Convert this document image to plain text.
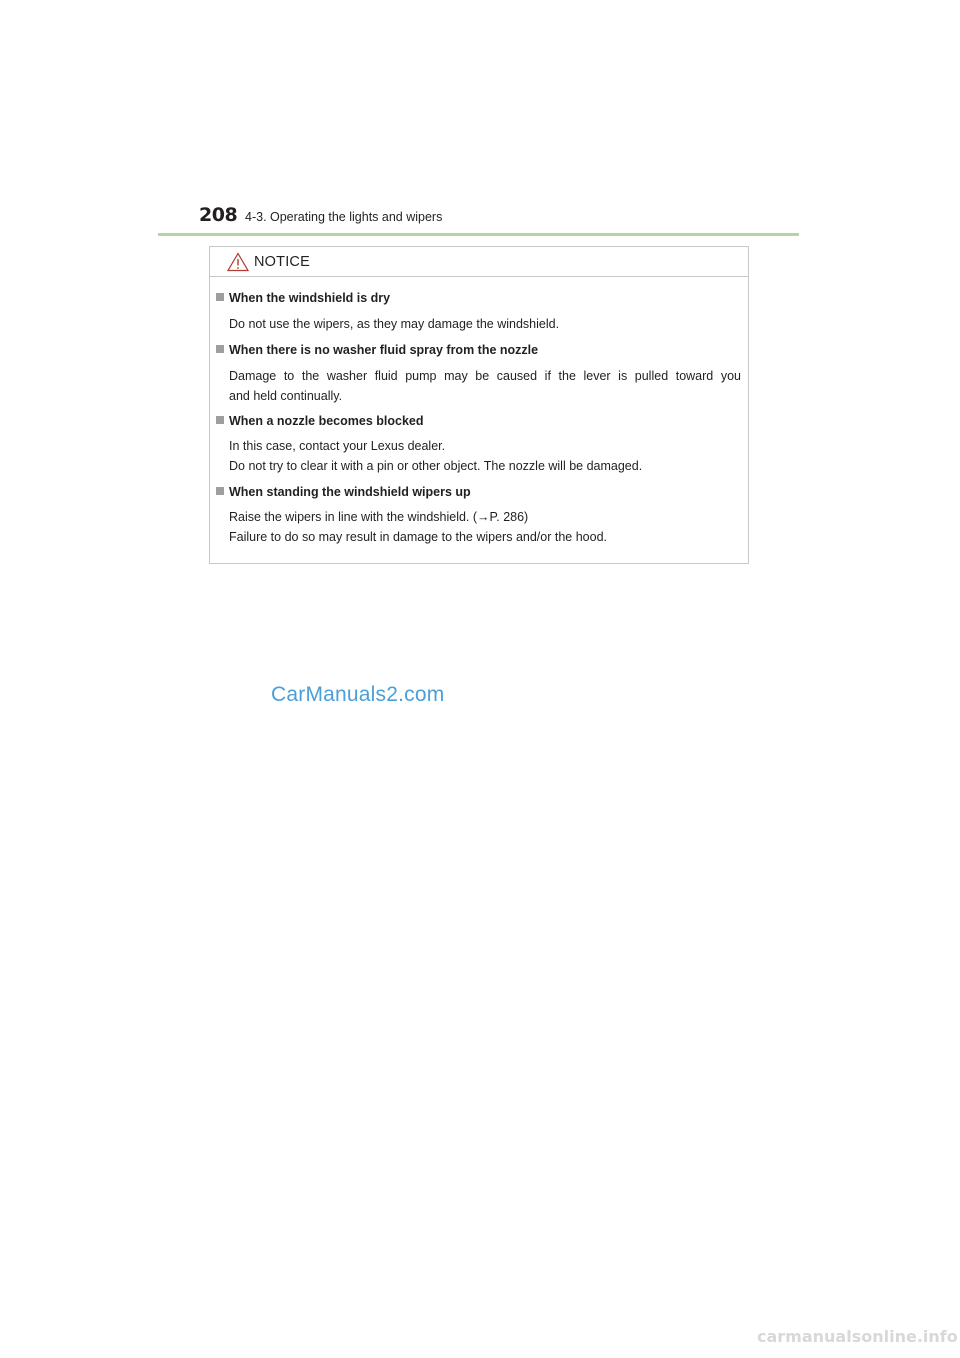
208 4-3. Operating the lights and wipers
NOTICE
When the windshield is dry
Do not use the wipers, as they may damage the windshield.
When there is no washer fluid spray from the nozzle
Damage to the washer fluid pump may be caused if the lever is pulled toward you
and held continually.
When a nozzle becomes blocked
In this case, contact your Lexus dealer.
Do not try to clear it with a pin or other object. The nozzle will be damaged.
When standing the windshield wipers up
Raise the wipers in line with the windshield. (→P. 286)
Failure to do so may result in damage to the wipers and/or the hood.
CarManuals2.com
carmanualsonline.info
